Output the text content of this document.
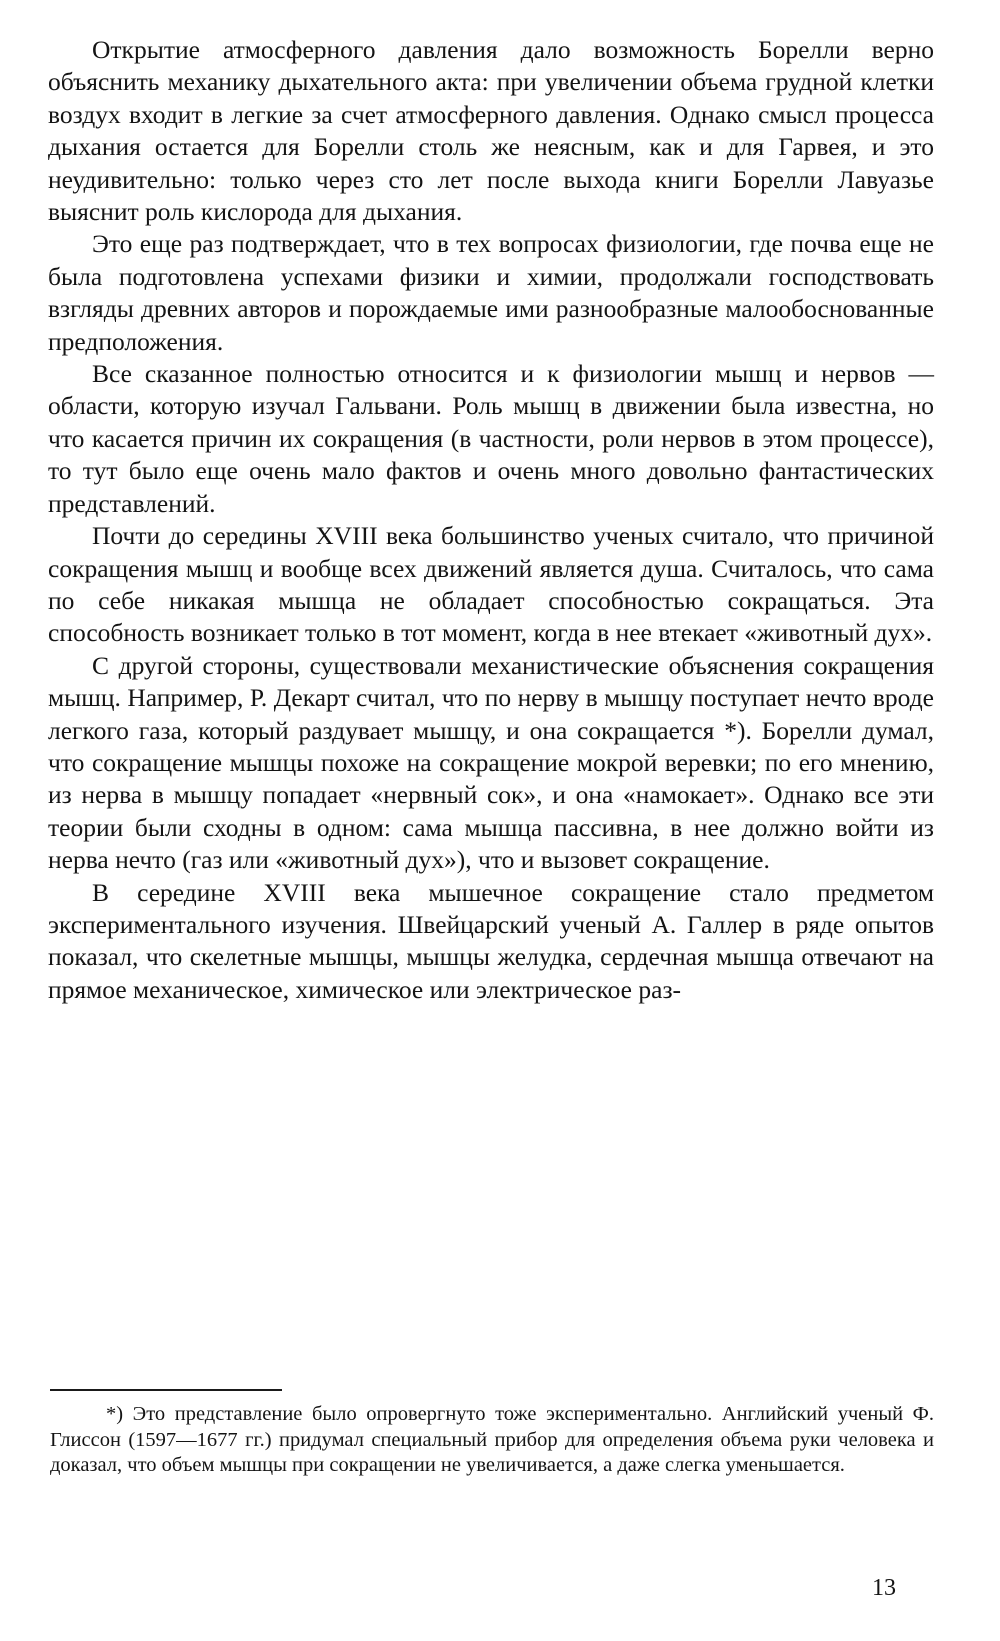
Открытие атмосферного давления дало возможность Борелли верно объяснить механику дыхательного акта: при увеличении объема грудной клетки воздух входит в легкие за счет атмосферного давления. Однако смысл процесса дыхания остается для Борелли столь же неясным, как и для Гарвея, и это неудивительно: только через сто лет после выхода книги Борелли Лавуазье выяснит роль кислорода для дыхания.

Это еще раз подтверждает, что в тех вопросах физиологии, где почва еще не была подготовлена успехами физики и химии, продолжали господствовать взгляды древних авторов и порождаемые ими разнообразные малообоснованные предположения.

Все сказанное полностью относится и к физиологии мышц и нервов — области, которую изучал Гальвани. Роль мышц в движении была известна, но что касается причин их сокращения (в частности, роли нервов в этом процессе), то тут было еще очень мало фактов и очень много довольно фантастических представлений.

Почти до середины XVIII века большинство ученых считало, что причиной сокращения мышц и вообще всех движений является душа. Считалось, что сама по себе никакая мышца не обладает способностью сокращаться. Эта способность возникает только в тот момент, когда в нее втекает «животный дух».

С другой стороны, существовали механистические объяснения сокращения мышц. Например, Р. Декарт считал, что по нерву в мышцу поступает нечто вроде легкого газа, который раздувает мышцу, и она сокращается *). Борелли думал, что сокращение мышцы похоже на сокращение мокрой веревки; по его мнению, из нерва в мышцу попадает «нервный сок», и она «намокает». Однако все эти теории были сходны в одном: сама мышца пассивна, в нее должно войти из нерва нечто (газ или «животный дух»), что и вызовет сокращение.

В середине XVIII века мышечное сокращение стало предметом экспериментального изучения. Швейцарский ученый А. Галлер в ряде опытов показал, что скелетные мышцы, мышцы желудка, сердечная мышца отвечают на прямое механическое, химическое или электрическое раз-

*) Это представление было опровергнуто тоже экспериментально. Английский ученый Ф. Глиссон (1597—1677 гг.) придумал специальный прибор для определения объема руки человека и доказал, что объем мышцы при сокращении не увеличивается, а даже слегка уменьшается.

13
